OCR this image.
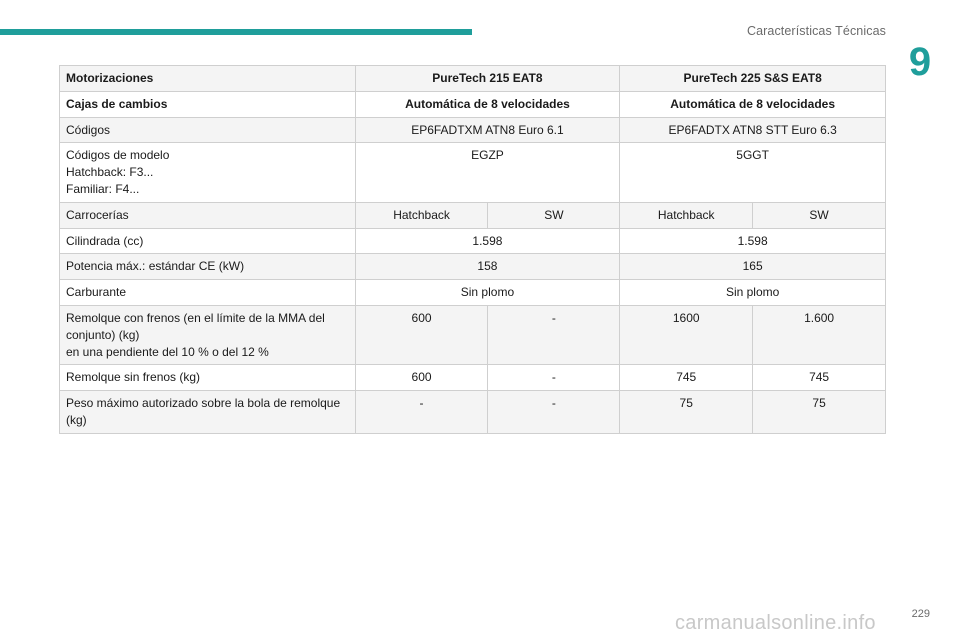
Características Técnicas
9
Motorizaciones	PureTech 215 EAT8		PureTech 225 S&S EAT8	
Cajas de cambios	Automática de 8 velocidades		Automática de 8 velocidades	
Códigos	EP6FADTXM ATN8 Euro 6.1		EP6FADTX ATN8 STT Euro 6.3	

Códigos de modelo
Hatchback: F3...
Familiar: F4...	EGZP		5GGT	
Carrocerías	Hatchback	SW	Hatchback	SW
Cilindrada (cc)	1.598		1.598	
Potencia máx.: estándar CE (kW)	158		165	
Carburante	Sin plomo		Sin plomo	

Remolque con frenos (en el límite de la MMA del
conjunto) (kg)
en una pendiente del 10 % o del 12 %	600	-	1600	1.600
Remolque sin frenos (kg)	600	-	745	745

Peso máximo autorizado sobre la bola de remolque
(kg)	-	-	75	75
229
carmanualsonline.info
